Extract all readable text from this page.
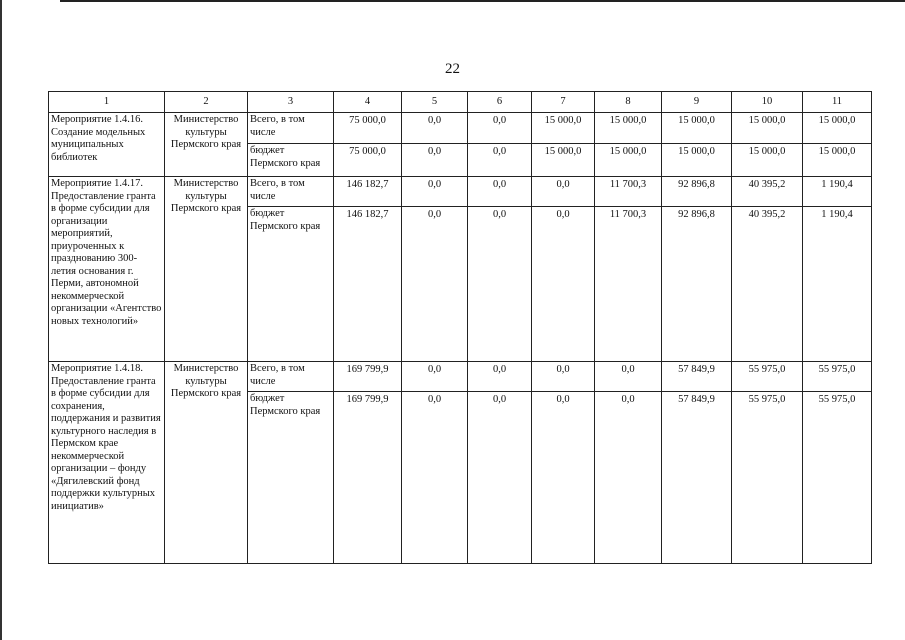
22
1	2	3	4	5	6	7	8	9	10	11
Мероприятие 1.4.16. Создание модельных муниципальных библиотек	Министерство культуры Пермского края	Всего, в том числе	75 000,0	0,0	0,0	15 000,0	15 000,0	15 000,0	15 000,0	15 000,0

		бюджет Пермского края	75 000,0	0,0	0,0	15 000,0	15 000,0	15 000,0	15 000,0	15 000,0

Мероприятие 1.4.17. Предоставление гранта в форме субсидии для организации мероприятий, приуроченных к празднованию 300-летия основания г. Перми, автономной некоммерческой организации «Агентство новых технологий»	Министерство культуры Пермского края	Всего, в том числе	146 182,7	0,0	0,0	0,0	11 700,3	92 896,8	40 395,2	1 190,4

		бюджет Пермского края	146 182,7	0,0	0,0	0,0	11 700,3	92 896,8	40 395,2	1 190,4

Мероприятие 1.4.18. Предоставление гранта в форме субсидии для сохранения, поддержания и развития культурного наследия в Пермском крае некоммерческой организации – фонду «Дягилевский фонд поддержки культурных инициатив»	Министерство культуры Пермского края	Всего, в том числе	169 799,9	0,0	0,0	0,0	0,0	57 849,9	55 975,0	55 975,0

		бюджет Пермского края	169 799,9	0,0	0,0	0,0	0,0	57 849,9	55 975,0	55 975,0
